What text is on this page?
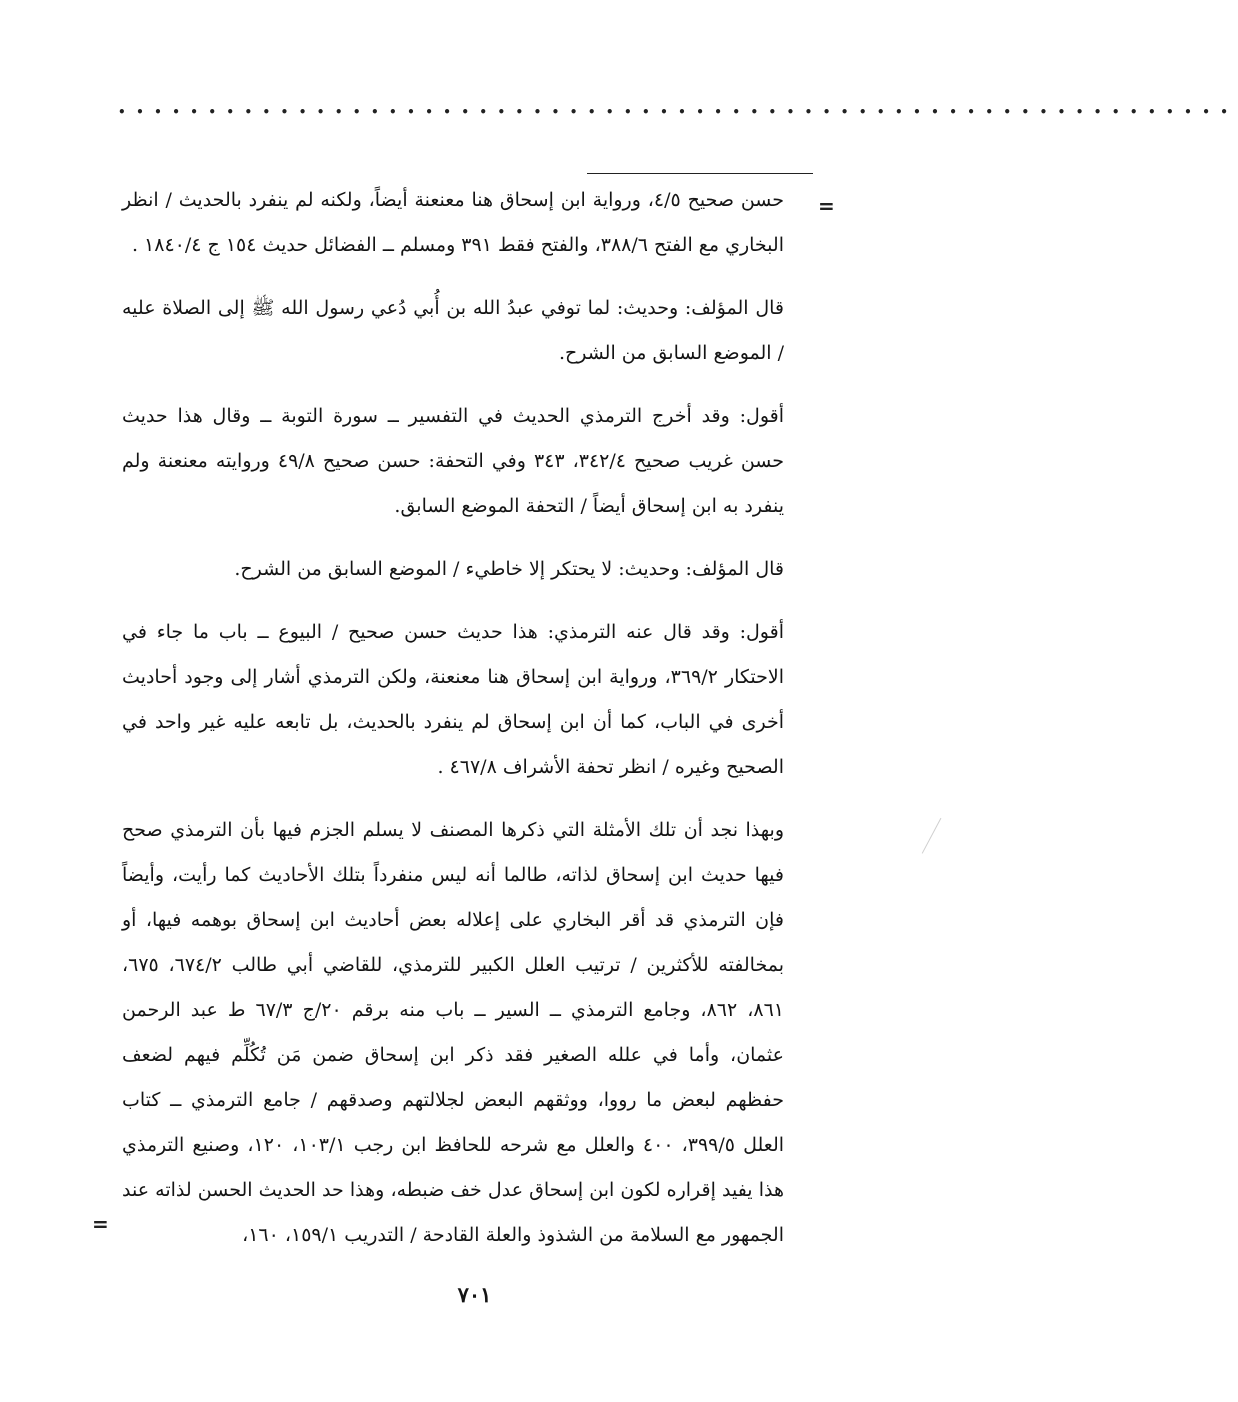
••••••••••••••••••••••••••••••••••••••••••••••••••••••••••••••
=

حسن صحيح ٤/٥، ورواية ابن إسحاق هنا معنعنة أيضاً، ولكنه لم ينفرد بالحديث / انظر البخاري مع الفتح ٣٨٨/٦، والفتح فقط ٣٩١ ومسلم ــ الفضائل حديث ١٥٤ ج ١٨٤٠/٤ .

قال المؤلف: وحديث: لما توفي عبدُ الله بن أُبي دُعي رسول الله ﷺ إلى الصلاة عليه / الموضع السابق من الشرح.

أقول: وقد أخرج الترمذي الحديث في التفسير ــ سورة التوبة ــ وقال هذا حديث حسن غريب صحيح ٣٤٢/٤، ٣٤٣ وفي التحفة: حسن صحيح ٤٩/٨ وروايته معنعنة ولم ينفرد به ابن إسحاق أيضاً / التحفة الموضع السابق.

قال المؤلف: وحديث: لا يحتكر إلا خاطيء / الموضع السابق من الشرح.

أقول: وقد قال عنه الترمذي: هذا حديث حسن صحيح / البيوع ــ باب ما جاء في الاحتكار ٣٦٩/٢، ورواية ابن إسحاق هنا معنعنة، ولكن الترمذي أشار إلى وجود أحاديث أخرى في الباب، كما أن ابن إسحاق لم ينفرد بالحديث، بل تابعه عليه غير واحد في الصحيح وغيره / انظر تحفة الأشراف ٤٦٧/٨ .

وبهذا نجد أن تلك الأمثلة التي ذكرها المصنف لا يسلم الجزم فيها بأن الترمذي صحح فيها حديث ابن إسحاق لذاته، طالما أنه ليس منفرداً بتلك الأحاديث كما رأيت، وأيضاً فإن الترمذي قد أقر البخاري على إعلاله بعض أحاديث ابن إسحاق بوهمه فيها، أو بمخالفته للأكثرين / ترتيب العلل الكبير للترمذي، للقاضي أبي طالب ٦٧٤/٢، ٦٧٥، ٨٦١، ٨٦٢، وجامع الترمذي ــ السير ــ باب منه برقم ٢٠/ج ٦٧/٣ ط عبد الرحمن عثمان، وأما في علله الصغير فقد ذكر ابن إسحاق ضمن مَن تُكُلِّم فيهم لضعف حفظهم لبعض ما رووا، ووثقهم البعض لجلالتهم وصدقهم / جامع الترمذي ــ كتاب العلل ٣٩٩/٥، ٤٠٠ والعلل مع شرحه للحافظ ابن رجب ١٠٣/١، ١٢٠، وصنيع الترمذي هذا يفيد إقراره لكون ابن إسحاق عدل خف ضبطه، وهذا حد الحديث الحسن لذاته عند الجمهور مع السلامة من الشذوذ والعلة القادحة / التدريب ١٥٩/١، ١٦٠،

=
٧٠١
